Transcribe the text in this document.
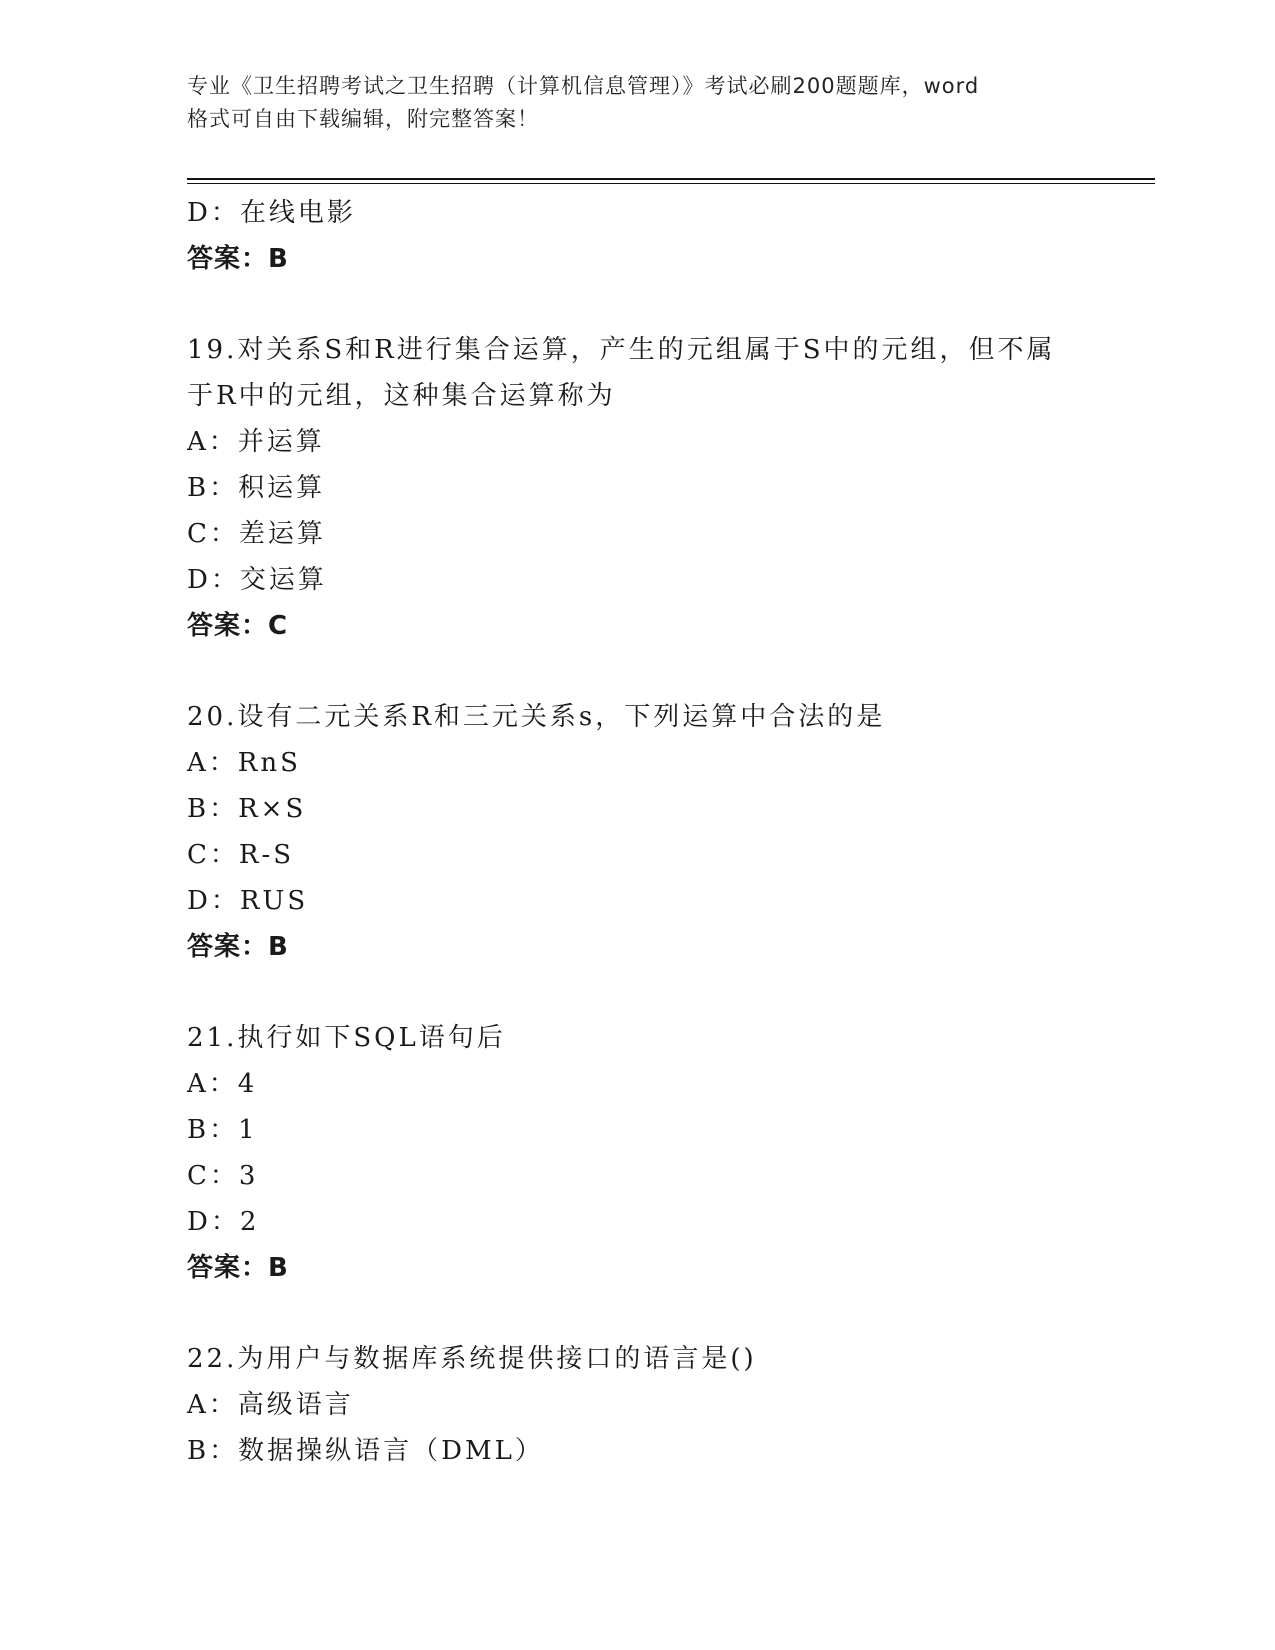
专业《卫生招聘考试之卫生招聘（计算机信息管理）》考试必刷200题题库，word
格式可自由下载编辑，附完整答案！
D：在线电影
答案：B
19.对关系S和R进行集合运算，产生的元组属于S中的元组，但不属
于R中的元组，这种集合运算称为
A：并运算
B：积运算
C：差运算
D：交运算
答案：C
20.设有二元关系R和三元关系s，下列运算中合法的是
A：RnS
B：R×S
C：R-S
D：RUS
答案：B
21.执行如下SQL语句后
A：4
B：1
C：3
D：2
答案：B
22.为用户与数据库系统提供接口的语言是()
A：高级语言
B：数据操纵语言（DML）
